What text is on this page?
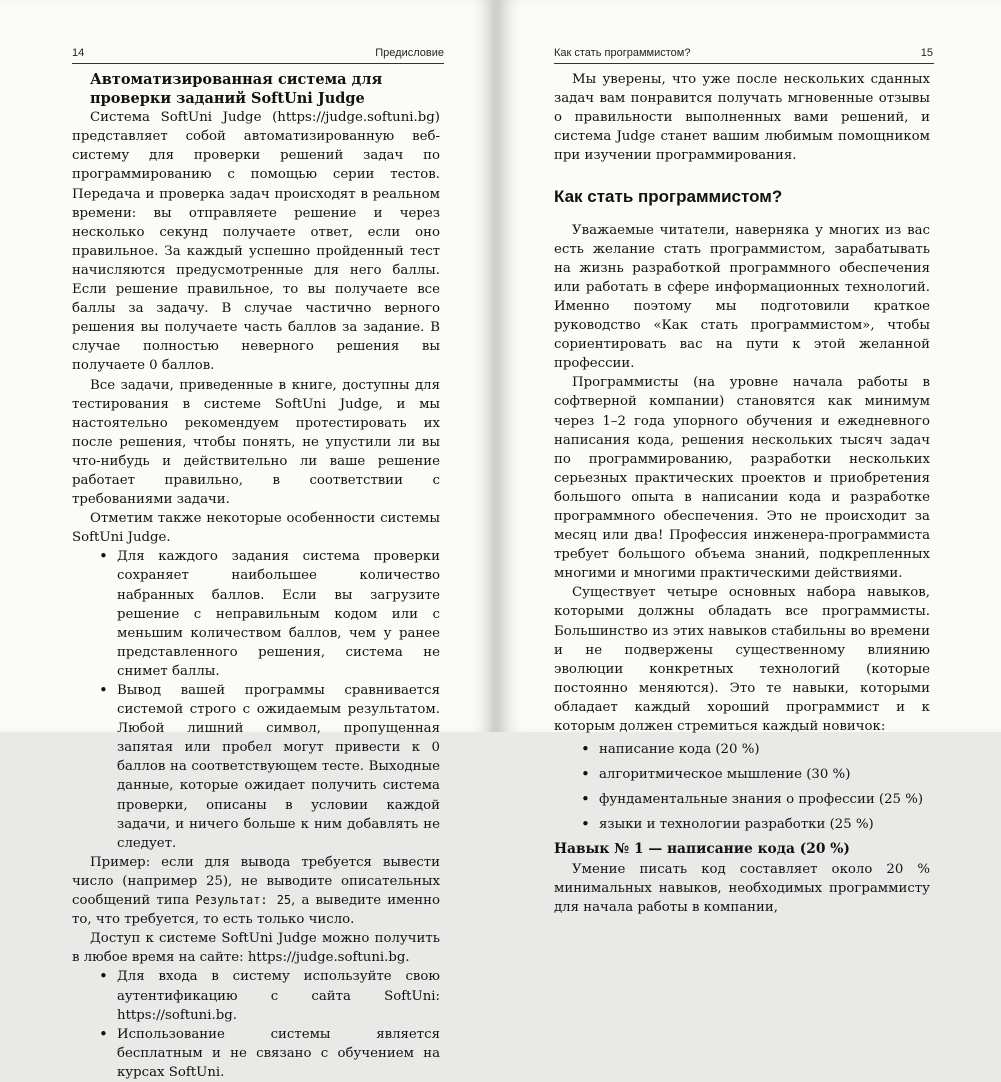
14	Предисловие
Автоматизированная система для проверки заданий SoftUni Judge

Система SoftUni Judge (https://judge.softuni.bg) представляет собой автоматизированную веб-систему для проверки решений задач по программированию с помощью серии тестов. Передача и проверка задач происходят в реальном времени: вы отправляете решение и через несколько секунд получаете ответ, если оно правильное. За каждый успешно пройденный тест начисляются предусмотренные для него баллы. Если решение правильное, то вы получаете все баллы за задачу. В случае частично верного решения вы получаете часть баллов за задание. В случае полностью неверного решения вы получаете 0 баллов.

Все задачи, приведенные в книге, доступны для тестирования в системе SoftUni Judge, и мы настоятельно рекомендуем протестировать их после решения, чтобы понять, не упустили ли вы что-нибудь и действительно ли ваше решение работает правильно, в соответствии с требованиями задачи.

Отметим также некоторые особенности системы SoftUni Judge.

• Для каждого задания система проверки сохраняет наибольшее количество набранных баллов. Если вы загрузите решение с неправильным кодом или с меньшим количеством баллов, чем у ранее представленного решения, система не снимет баллы.
• Вывод вашей программы сравнивается системой строго с ожидаемым результатом. Любой лишний символ, пропущенная запятая или пробел могут привести к 0 баллов на соответствующем тесте. Выходные данные, которые ожидает получить система проверки, описаны в условии каждой задачи, и ничего больше к ним добавлять не следует.

Пример: если для вывода требуется вывести число (например 25), не выводите описательных сообщений типа Результат: 25, а выведите именно то, что требуется, то есть только число.

Доступ к системе SoftUni Judge можно получить в любое время на сайте: https://judge.softuni.bg.

• Для входа в систему используйте свою аутентификацию с сайта SoftUni: https://softuni.bg.
• Использование системы является бесплатным и не связано с обучением на курсах SoftUni.
Как стать программистом?	15

Мы уверены, что уже после нескольких сданных задач вам понравится получать мгновенные отзывы о правильности выполненных вами решений, и система Judge станет вашим любимым помощником при изучении программирования.

Как стать программистом?

Уважаемые читатели, наверняка у многих из вас есть желание стать программистом, зарабатывать на жизнь разработкой программного обеспечения или работать в сфере информационных технологий. Именно поэтому мы подготовили краткое руководство «Как стать программистом», чтобы сориентировать вас на пути к этой желанной профессии.

Программисты (на уровне начала работы в софтверной компании) становятся как минимум через 1–2 года упорного обучения и ежедневного написания кода, решения нескольких тысяч задач по программированию, разработки нескольких серьезных практических проектов и приобретения большого опыта в написании кода и разработке программного обеспечения. Это не происходит за месяц или два! Профессия инженера-программиста требует большого объема знаний, подкрепленных многими и многими практическими действиями.

Существует четыре основных набора навыков, которыми должны обладать все программисты. Большинство из этих навыков стабильны во времени и не подвержены существенному влиянию эволюции конкретных технологий (которые постоянно меняются). Это те навыки, которыми обладает каждый хороший программист и к которым должен стремиться каждый новичок:

• написание кода (20 %)
• алгоритмическое мышление (30 %)
• фундаментальные знания о профессии (25 %)
• языки и технологии разработки (25 %)
Навык № 1 — написание кода (20 %)

Умение писать код составляет около 20 % минимальных навыков, необходимых программисту для начала работы в компании,
